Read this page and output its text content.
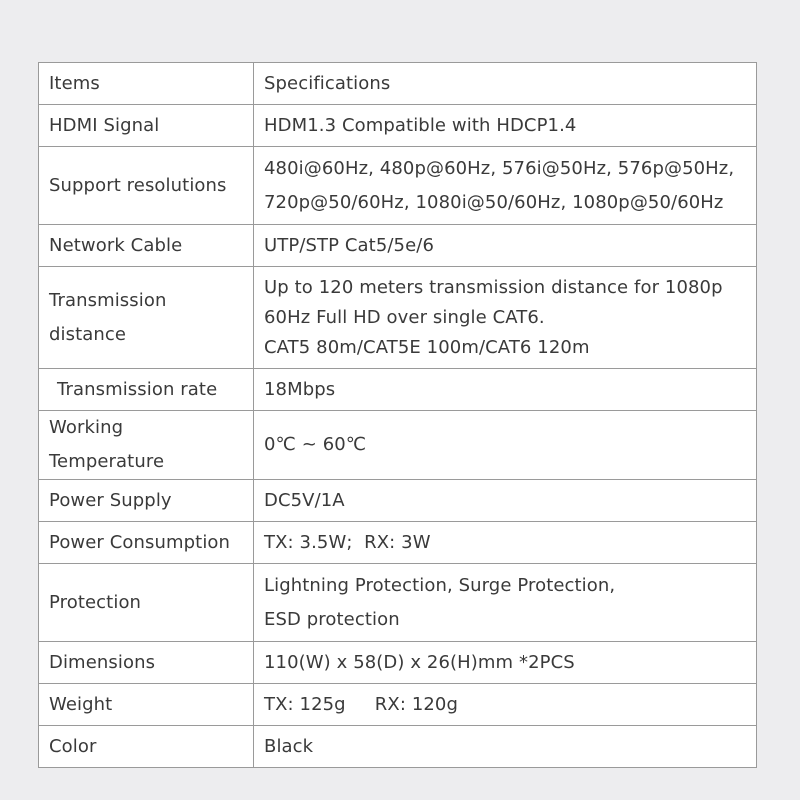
Items	Specifications
HDMI Signal	HDM1.3 Compatible with HDCP1.4

Support resolutions	480i@60Hz, 480p@60Hz, 576i@50Hz, 576p@50Hz,
720p@50/60Hz, 1080i@50/60Hz, 1080p@50/60Hz

Network Cable	UTP/STP Cat5/5e/6

Transmission distance	Up to 120 meters transmission distance for 1080p
60Hz Full HD over single CAT6.
CAT5 80m/CAT5E 100m/CAT6 120m

Transmission rate	18Mbps

Working Temperature	0℃ ~ 60℃

Power Supply	DC5V/1A

Power Consumption	TX: 3.5W;  RX: 3W

Protection	Lightning Protection, Surge Protection,
ESD protection

Dimensions	110(W) x 58(D) x 26(H)mm *2PCS

Weight	TX: 125g     RX: 120g

Color	Black
